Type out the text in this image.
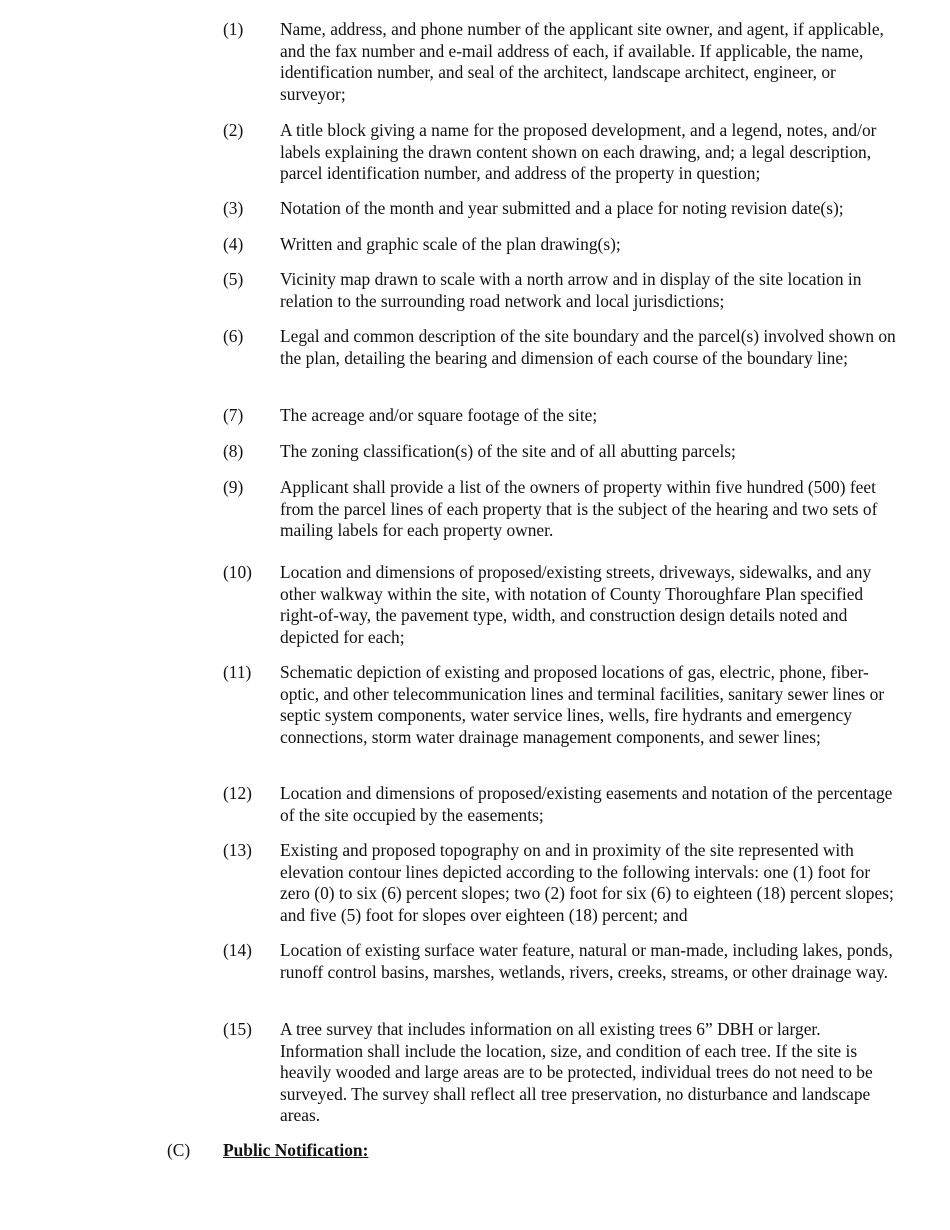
(1)	Name, address, and phone number of the applicant site owner, and agent, if applicable, and the fax number and e-mail address of each, if available. If applicable, the name, identification number, and seal of the architect, landscape architect, engineer, or surveyor;
(2)	A title block giving a name for the proposed development, and a legend, notes, and/or labels explaining the drawn content shown on each drawing, and; a legal description, parcel identification number, and address of the property in question;
(3)	Notation of the month and year submitted and a place for noting revision date(s);
(4)	Written and graphic scale of the plan drawing(s);
(5)	Vicinity map drawn to scale with a north arrow and in display of the site location in relation to the surrounding road network and local jurisdictions;
(6)	Legal and common description of the site boundary and the parcel(s) involved shown on the plan, detailing the bearing and dimension of each course of the boundary line;
(7)	The acreage and/or square footage of the site;
(8)	The zoning classification(s) of the site and of all abutting parcels;
(9)	Applicant shall provide a list of the owners of property within five hundred (500) feet from the parcel lines of each property that is the subject of the hearing and two sets of mailing labels for each property owner.
(10)	Location and dimensions of proposed/existing streets, driveways, sidewalks, and any other walkway within the site, with notation of County Thoroughfare Plan specified right-of-way, the pavement type, width, and construction design details noted and depicted for each;
(11)	Schematic depiction of existing and proposed locations of gas, electric, phone, fiber-optic, and other telecommunication lines and terminal facilities, sanitary sewer lines or septic system components, water service lines, wells, fire hydrants and emergency connections, storm water drainage management components, and sewer lines;
(12)	Location and dimensions of proposed/existing easements and notation of the percentage of the site occupied by the easements;
(13)	Existing and proposed topography on and in proximity of the site represented with elevation contour lines depicted according to the following intervals: one (1) foot for zero (0) to six (6) percent slopes; two (2) foot for six (6) to eighteen (18) percent slopes; and five (5) foot for slopes over eighteen (18) percent; and
(14)	Location of existing surface water feature, natural or man-made, including lakes, ponds, runoff control basins, marshes, wetlands, rivers, creeks, streams, or other drainage way.
(15)	A tree survey that includes information on all existing trees 6” DBH or larger. Information shall include the location, size, and condition of each tree. If the site is heavily wooded and large areas are to be protected, individual trees do not need to be surveyed. The survey shall reflect all tree preservation, no disturbance and landscape areas.
(C) Public Notification:
